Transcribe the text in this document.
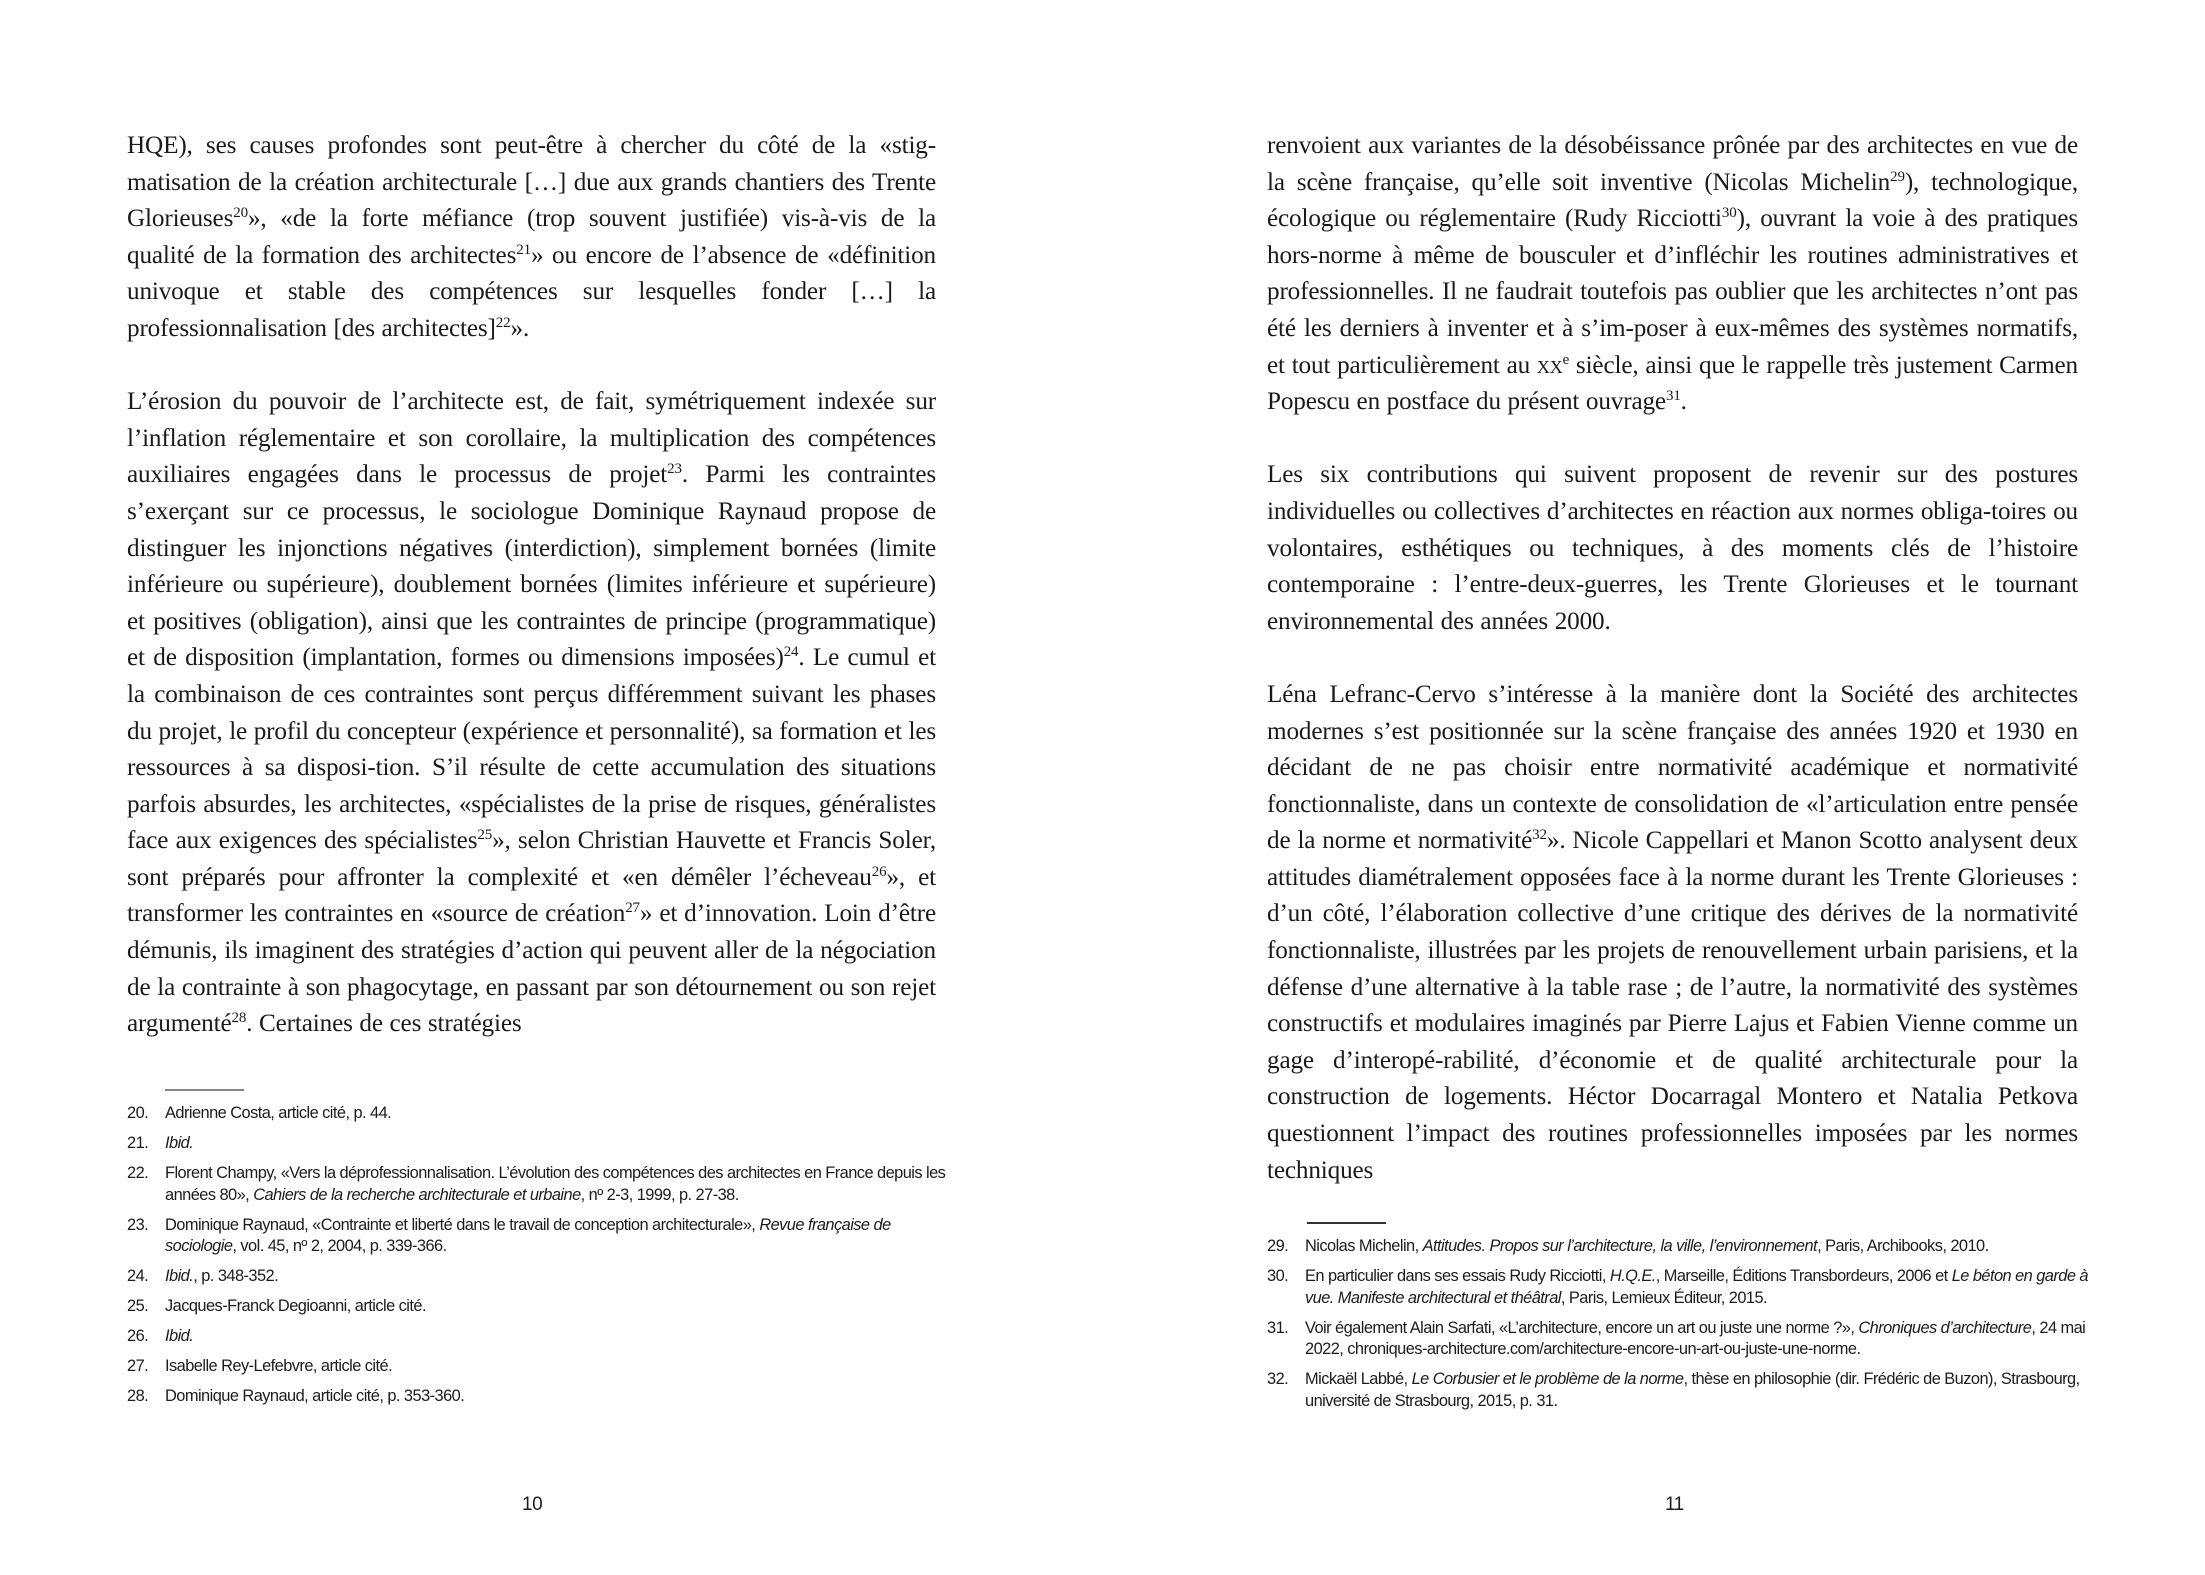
HQE), ses causes profondes sont peut-être à chercher du côté de la «stig-matisation de la création architecturale […] due aux grands chantiers des Trente Glorieuses$^{20}$», «de la forte méfiance (trop souvent justifiée) vis-à-vis de la qualité de la formation des architectes$^{21}$» ou encore de l’absence de «définition univoque et stable des compétences sur lesquelles fonder […] la professionnalisation [des architectes]$^{22}$».

L’érosion du pouvoir de l’architecte est, de fait, symétriquement indexée sur l’inflation réglementaire et son corollaire, la multiplication des compétences auxiliaires engagées dans le processus de projet$^{23}$. Parmi les contraintes s’exerçant sur ce processus, le sociologue Dominique Raynaud propose de distinguer les injonctions négatives (interdiction), simplement bornées (limite inférieure ou supérieure), doublement bornées (limites inférieure et supérieure) et positives (obligation), ainsi que les contraintes de principe (programmatique) et de disposition (implantation, formes ou dimensions imposées)$^{24}$. Le cumul et la combinaison de ces contraintes sont perçus différemment suivant les phases du projet, le profil du concepteur (expérience et personnalité), sa formation et les ressources à sa disposi-tion. S’il résulte de cette accumulation des situations parfois absurdes, les architectes, «spécialistes de la prise de risques, généralistes face aux exigences des spécialistes$^{25}$», selon Christian Hauvette et Francis Soler, sont préparés pour affronter la complexité et «en démêler l’écheveau$^{26}$», et transformer les contraintes en «source de création$^{27}$» et d’innovation. Loin d’être démunis, ils imaginent des stratégies d’action qui peuvent aller de la négociation de la contrainte à son phagocytage, en passant par son détournement ou son rejet argumenté$^{28}$. Certaines de ces stratégies

20. Adrienne Costa, article cité, p. 44.
21. Ibid.
22. Florent Champy, «Vers la déprofessionnalisation. L’évolution des compétences des architectes en France depuis les années 80», Cahiers de la recherche architecturale et urbaine, nº 2-3, 1999, p. 27-38.
23. Dominique Raynaud, «Contrainte et liberté dans le travail de conception architecturale», Revue française de sociologie, vol. 45, nº 2, 2004, p. 339-366.
24. Ibid., p. 348-352.
25. Jacques-Franck Degioanni, article cité.
26. Ibid.
27. Isabelle Rey-Lefebvre, article cité.
28. Dominique Raynaud, article cité, p. 353-360.
10

renvoient aux variantes de la désobéissance prônée par des architectes en vue de la scène française, qu’elle soit inventive (Nicolas Michelin$^{29}$), technologique, écologique ou réglementaire (Rudy Ricciotti$^{30}$), ouvrant la voie à des pratiques hors-norme à même de bousculer et d’infléchir les routines administratives et professionnelles. Il ne faudrait toutefois pas oublier que les architectes n’ont pas été les derniers à inventer et à s’im-poser à eux-mêmes des systèmes normatifs, et tout particulièrement au $xx^e$ siècle, ainsi que le rappelle très justement Carmen Popescu en postface du présent ouvrage$^{31}$.

Les six contributions qui suivent proposent de revenir sur des postures individuelles ou collectives d’architectes en réaction aux normes obliga-toires ou volontaires, esthétiques ou techniques, à des moments clés de l’histoire contemporaine : l’entre-deux-guerres, les Trente Glorieuses et le tournant environnemental des années 2000.

Léna Lefranc-Cervo s’intéresse à la manière dont la Société des architectes modernes s’est positionnée sur la scène française des années 1920 et 1930 en décidant de ne pas choisir entre normativité académique et normativité fonctionnaliste, dans un contexte de consolidation de «l’articulation entre pensée de la norme et normativité$^{32}$». Nicole Cappellari et Manon Scotto analysent deux attitudes diamétralement opposées face à la norme durant les Trente Glorieuses : d’un côté, l’élaboration collective d’une critique des dérives de la normativité fonctionnaliste, illustrées par les projets de renouvellement urbain parisiens, et la défense d’une alternative à la table rase ; de l’autre, la normativité des systèmes constructifs et modulaires imaginés par Pierre Lajus et Fabien Vienne comme un gage d’interopé-rabilité, d’économie et de qualité architecturale pour la construction de logements. Héctor Docarragal Montero et Natalia Petkova questionnent l’impact des routines professionnelles imposées par les normes techniques

29. Nicolas Michelin, Attitudes. Propos sur l’architecture, la ville, l’environnement, Paris, Archibooks, 2010.
30. En particulier dans ses essais Rudy Ricciotti, H.Q.E., Marseille, Éditions Transbordeurs, 2006 et Le béton en garde à vue. Manifeste architectural et théâtral, Paris, Lemieux Éditeur, 2015.
31. Voir également Alain Sarfati, «L’architecture, encore un art ou juste une norme ?», Chroniques d’architecture, 24 mai 2022, chroniques-architecture.com/architecture-encore-un-art-ou-juste-une-norme.
32. Mickaël Labbé, Le Corbusier et le problème de la norme, thèse en philosophie (dir. Frédéric de Buzon), Strasbourg, université de Strasbourg, 2015, p. 31.
11
